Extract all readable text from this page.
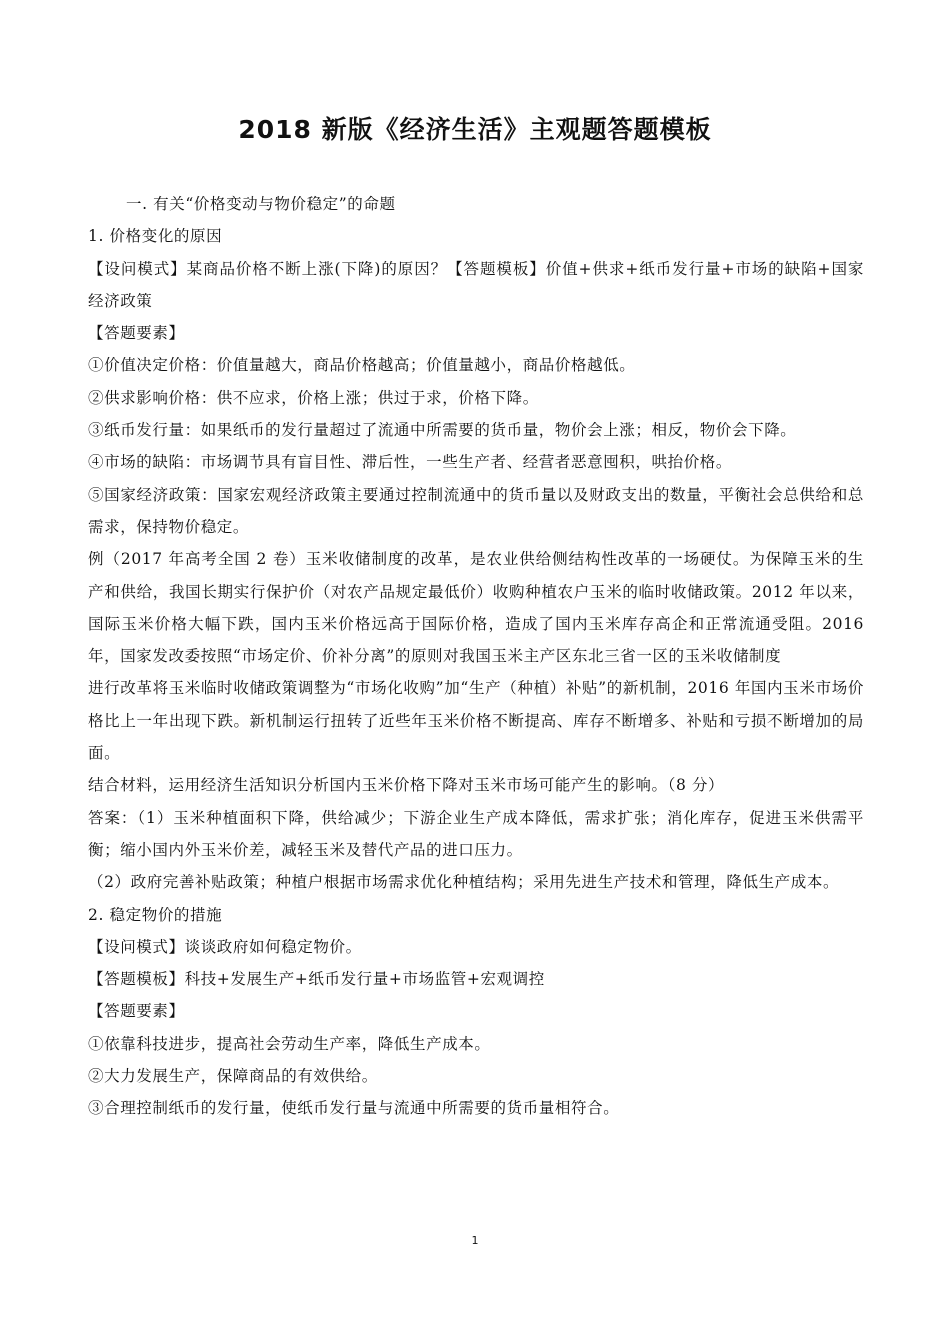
2018 新版《经济生活》主观题答题模板

一. 有关“价格变动与物价稳定”的命题

1. 价格变化的原因

【设问模式】某商品价格不断上涨(下降)的原因？【答题模板】价值+供求+纸币发行量+市场的缺陷+国家经济政策

【答题要素】

①价值决定价格：价值量越大，商品价格越高；价值量越小，商品价格越低。

②供求影响价格：供不应求，价格上涨；供过于求，价格下降。

③纸币发行量：如果纸币的发行量超过了流通中所需要的货币量，物价会上涨；相反，物价会下降。

④市场的缺陷：市场调节具有盲目性、滞后性，一些生产者、经营者恶意囤积，哄抬价格。

⑤国家经济政策：国家宏观经济政策主要通过控制流通中的货币量以及财政支出的数量，平衡社会总供给和总需求，保持物价稳定。

例（2017 年高考全国 2 卷）玉米收储制度的改革，是农业供给侧结构性改革的一场硬仗。为保障玉米的生产和供给，我国长期实行保护价（对农产品规定最低价）收购种植农户玉米的临时收储政策。2012 年以来，国际玉米价格大幅下跌，国内玉米价格远高于国际价格，造成了国内玉米库存高企和正常流通受阻。2016 年，国家发改委按照“市场定价、价补分离”的原则对我国玉米主产区东北三省一区的玉米收储制度

进行改革将玉米临时收储政策调整为“市场化收购”加“生产（种植）补贴”的新机制，2016 年国内玉米市场价格比上一年出现下跌。新机制运行扭转了近些年玉米价格不断提高、库存不断增多、补贴和亏损不断增加的局面。

结合材料，运用经济生活知识分析国内玉米价格下降对玉米市场可能产生的影响。（8 分）

答案：（1）玉米种植面积下降，供给减少；下游企业生产成本降低，需求扩张；消化库存，促进玉米供需平衡；缩小国内外玉米价差，减轻玉米及替代产品的进口压力。

（2）政府完善补贴政策；种植户根据市场需求优化种植结构；采用先进生产技术和管理，降低生产成本。

2. 稳定物价的措施

【设问模式】谈谈政府如何稳定物价。

【答题模板】科技+发展生产+纸币发行量+市场监管+宏观调控

【答题要素】

①依靠科技进步，提高社会劳动生产率，降低生产成本。

②大力发展生产，保障商品的有效供给。

③合理控制纸币的发行量，使纸币发行量与流通中所需要的货币量相符合。

1
